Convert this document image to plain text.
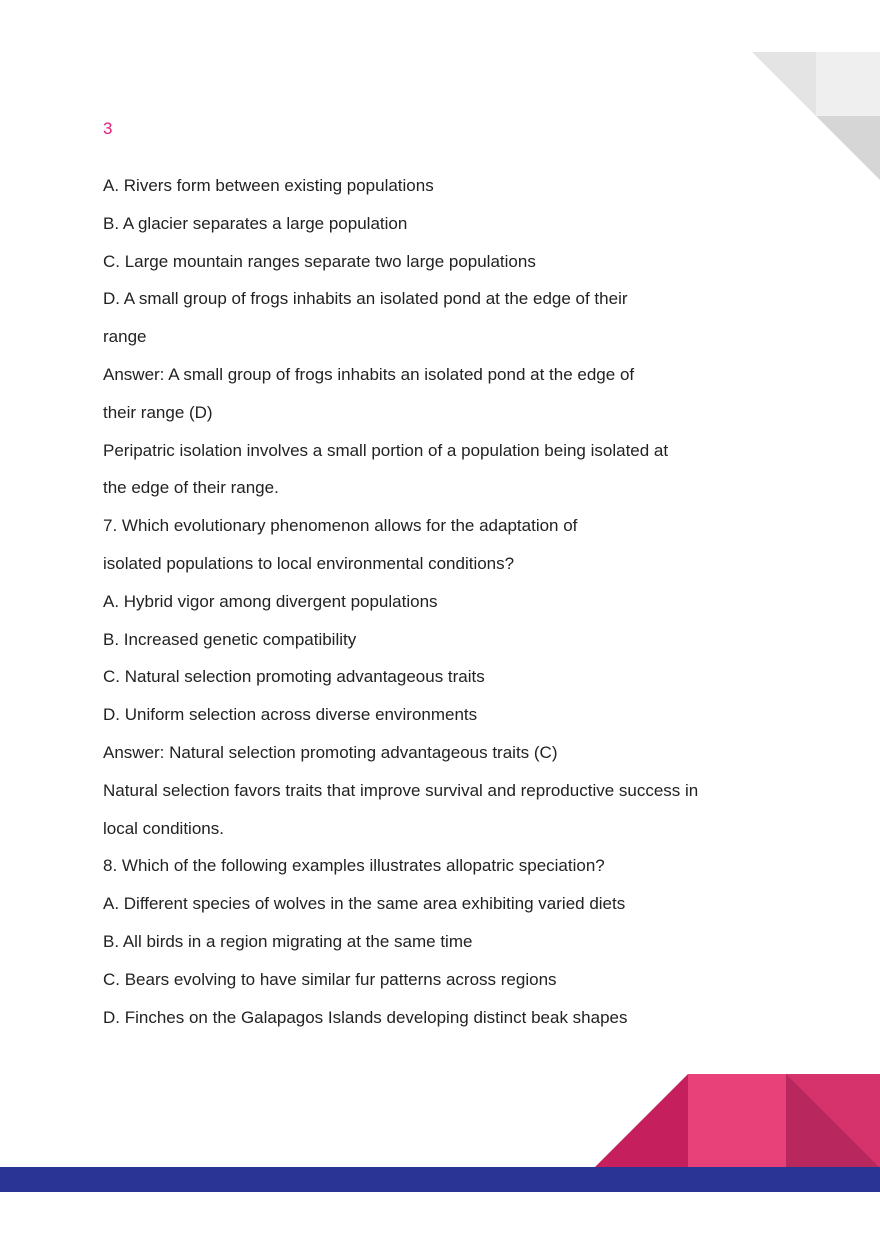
3
A. Rivers form between existing populations
B. A glacier separates a large population
C. Large mountain ranges separate two large populations
D. A small group of frogs inhabits an isolated pond at the edge of their
range
Answer: A small group of frogs inhabits an isolated pond at the edge of
their range (D)
Peripatric isolation involves a small portion of a population being isolated at
the edge of their range.
7. Which evolutionary phenomenon allows for the adaptation of
isolated populations to local environmental conditions?
A. Hybrid vigor among divergent populations
B. Increased genetic compatibility
C. Natural selection promoting advantageous traits
D. Uniform selection across diverse environments
Answer: Natural selection promoting advantageous traits (C)
Natural selection favors traits that improve survival and reproductive success in
local conditions.
8. Which of the following examples illustrates allopatric speciation?
A. Different species of wolves in the same area exhibiting varied diets
B. All birds in a region migrating at the same time
C. Bears evolving to have similar fur patterns across regions
D. Finches on the Galapagos Islands developing distinct beak shapes
